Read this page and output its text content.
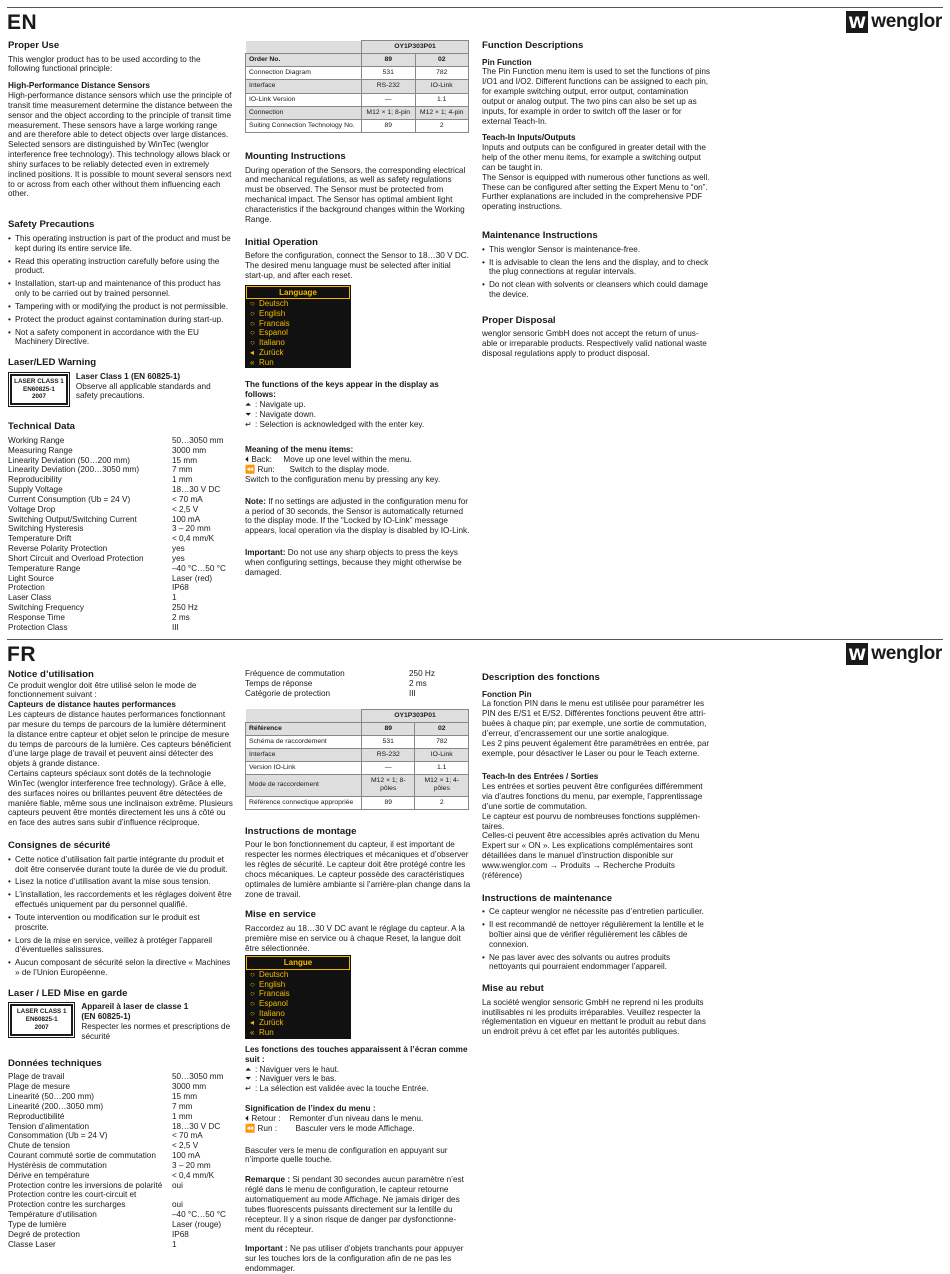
EN	W wenglor
Proper Use

This wenglor product has to be used according to the following functional principle:

High-Performance Distance Sensors

High-performance distance sensors which use the principle of transit time measurement determine the distance between the sensor and the object according to the principle of transit time measurement. These sensors have a large working range and are therefore able to detect objects over large distances. Selected sensors are distinguished by WinTec (wenglor interference free technology). This technology allows black or shiny surfaces to be reliably detected even in extremely inclined positions. It is possible to mount several sensors next to or across from each other without them influencing each other.

Safety Precautions
• This operating instruction is part of the product and must be kept during its entire service life.
• Read this operating instruction carefully before using the product.
• Installation, start-up and maintenance of this product has only to be carried out by trained personnel.
• Tampering with or modifying the product is not permissible.
• Protect the product against contamination during start-up.
• Not a safety component in accordance with the EU Machinery Directive.
Laser/LED Warning
LASER CLASS 1
EN60825-1
2007
Laser Class 1 (EN 60825-1)
Observe all applicable standards and safety precautions.
Technical Data
Working Range	50…3050 mm
Measuring Range	3000 mm
Linearity Deviation (50…200 mm)	15 mm
Linearity Deviation (200…3050 mm)	7 mm
Reproducibility	1 mm
Supply Voltage	18…30 V DC
Current Consumption (Ub = 24 V)	< 70 mA
Voltage Drop	< 2,5 V
Switching Output/Switching Current	100 mA
Switching Hysteresis	3 – 20 mm
Temperature Drift	< 0,4 mm/K
Reverse Polarity Protection	yes
Short Circuit and Overload Protection	yes
Temperature Range	–40 °C…50 °C
Light Source	Laser (red)
Protection	IP68
Laser Class	1
Switching Frequency	250 Hz
Response Time	2 ms
Protection Class	III
	OY1P303P01	
Order No.	89	02
Connection Diagram	531	782
Interface	RS-232	IO-Link
IO-Link Version	—	1.1
Connection	M12 × 1; 8-pin	M12 × 1; 4-pin
Suiting Connection Technology No.	89	2
Mounting Instructions

During operation of the Sensors, the corresponding electrical and mechanical regulations, as well as safety regulations must be observed. The Sensor must be protected from mechanical impact. The Sensor has optimal ambient light characteristics if the background changes within the Working Range.

Initial Operation

Before the configuration, connect the Sensor to 18…30 V DC. The desired menu language must be selected after initial start-up, and after each reset.

Language
○ Deutsch
○ English
○ Francais
○ Espanol
○ Italiano
◂ Zurück
« Run
The functions of the keys appear in the display as follows:

⏶ : Navigate up.

⏷ : Navigate down.

↵ : Selection is acknowledged with the enter key.

Meaning of the menu items:

⏴ Back: Move up one level within the menu.

⏪ Run: Switch to the display mode.

Switch to the configuration menu by pressing any key.

Note: If no settings are adjusted in the configuration menu for a period of 30 seconds, the Sensor is automatically returned to the display mode. If the “Locked by IO-Link” message appears, local operation via the display is disabled by IO-Link.

Important: Do not use any sharp objects to press the keys when configuring settings, because they might otherwise be damaged.

Function Descriptions
Pin Function

The Pin Function menu item is used to set the functions of pins I/O1 and I/O2. Different functions can be assigned to each pin, for example switching output, error output, contamination output or analog output. The two pins can also be set up as inputs, for example in order to switch off the laser or for external Teach-In.

Teach-In Inputs/Outputs

Inputs and outputs can be configured in greater detail with the help of the other menu items, for example a switching output can be taught in.

The Sensor is equipped with numerous other functions as well. These can be configured after setting the Expert Menu to “on”. Further explanations are included in the comprehensive PDF operating instructions.

Maintenance Instructions
• This wenglor Sensor is maintenance-free.
• It is advisable to clean the lens and the display, and to check the plug connections at regular intervals.
• Do not clean with solvents or cleansers which could damage the device.
Proper Disposal

wenglor sensoric GmbH does not accept the return of unusable or irreparable products. Respectively valid national waste disposal regulations apply to product disposal.

FR	W wenglor
Notice d’utilisation

Ce produit wenglor doit être utilisé selon le mode de fonctionnement suivant :

Capteurs de distance hautes performances

Les capteurs de distance hautes performances fonctionnant par mesure du temps de parcours de la lumière déterminent la distance entre capteur et objet selon le principe de mesure du temps de parcours de la lumière. Ces capteurs bénéficient d’une large plage de travail et peuvent ainsi détecter des objets à grande distance.

Certains capteurs spéciaux sont dotés de la technologie WinTec (wenglor interference free technology). Grâce à elle, des surfaces noires ou brillantes peuvent être détectées de manière fiable, même sous une inclinaison extrême. Plusieurs capteurs peuvent être montés directement les uns à côté ou en face des autres sans subir d’influence réciproque.

Consignes de sécurité
• Cette notice d’utilisation fait partie intégrante du produit et doit être conservée durant toute la durée de vie du produit.
• Lisez la notice d’utilisation avant la mise sous tension.
• L’installation, les raccordements et les réglages doivent être effectués uniquement par du personnel qualifié.
• Toute intervention ou modification sur le produit est proscrite.
• Lors de la mise en service, veillez à protéger l’appareil d’éventuelles salissures.
• Aucun composant de sécurité selon la directive « Machines » de l’Union Européenne.
Laser / LED Mise en garde
LASER CLASS 1
EN60825-1
2007
Appareil à laser de classe 1
(EN 60825-1)
Respecter les normes et prescriptions de sécurité
Données techniques
Plage de travail	50…3050 mm
Plage de mesure	3000 mm
Linearité (50…200 mm)	15 mm
Linearité (200…3050 mm)	7 mm
Reproductibilité	1 mm
Tension d’alimentation	18…30 V DC
Consommation (Ub = 24 V)	< 70 mA
Chute de tension	< 2,5 V
Courant commuté sortie de commutation	100 mA
Hystérésis de commutation	3 – 20 mm
Dérive en température	< 0,4 mm/K
Protection contre les inversions de polarité	oui
Protection contre les court-circuit et	
Protection contre les surcharges	oui
Température d’utilisation	–40 °C…50 °C
Type de lumière	Laser (rouge)
Degré de protection	IP68
Classe Laser	1
Fréquence de commutation	250 Hz
Temps de réponse	2 ms
Catégorie de protection	III
	OY1P303P01	
Référence	89	02
Schéma de raccordement	531	782
Interface	RS-232	IO-Link
Version IO-Link	—	1.1
Mode de raccordement	M12 × 1; 8-pôles	M12 × 1; 4-pôles
Référence connectique appropriée	89	2
Instructions de montage

Pour le bon fonctionnement du capteur, il est important de respecter les normes électriques et mécaniques et d’observer les règles de sécurité. Le capteur doit être protégé contre les chocs mécaniques. Le capteur possède des caractéristiques optimales de lumière ambiante si l’arrière-plan change dans la zone de travail.

Mise en service

Raccordez au 18…30 V DC avant le réglage du capteur. A la première mise en service ou à chaque Reset, la langue doit être sélectionnée.

Langue
○ Deutsch
○ English
○ Francais
○ Espanol
○ Italiano
◂ Zurück
« Run
Les fonctions des touches apparaissent à l’écran comme suit :

⏶ : Naviguer vers le haut.

⏷ : Naviguer vers le bas.

↵ : La sélection est validée avec la touche Entrée.

Signification de l’index du menu :

⏴ Retour : Remonter d’un niveau dans le menu.

⏪ Run : Basculer vers le mode Affichage.

Basculer vers le menu de configuration en appuyant sur n’importe quelle touche.

Remarque : Si pendant 30 secondes aucun paramètre n’est réglé dans le menu de configuration, le capteur retourne automatiquement au mode Affichage. Ne jamais diriger des tubes fluorescents puissants directement sur la lentille du récepteur. Il y a sinon risque de danger par dysfonctionnement du récepteur.

Important : Ne pas utiliser d’objets tranchants pour appuyer sur les touches lors de la configuration afin de ne pas les endommager.

Description des fonctions
Fonction Pin

La fonction PIN dans le menu est utilisée pour paramétrer les PIN des E/S1 et E/S2. Différentes fonctions peuvent être attribuées à chaque pin; par exemple, une sortie de commutation, d’erreur, d’encrassement our une sortie analogique.

Les 2 pins peuvent également être paramétrées en entrée, par exemple, pour désactiver le Laser ou pour le Teach externe.

Teach-In des Entrées / Sorties

Les entrées et sorties peuvent être configurées différemment via d’autres fonctions du menu, par exemple, l’apprentissage d’une sortie de commutation.

Le capteur est pourvu de nombreuses fonctions supplémentaires.

Celles-ci peuvent être accessibles après activation du Menu Expert sur « ON ». Les explications complémentaires sont détaillées dans le manuel d’instruction disponible sur www.wenglor.com → Produits → Recherche Produits (référence)

Instructions de maintenance
• Ce capteur wenglor ne nécessite pas d’entretien particulier.
• Il est recommandé de nettoyer régulièrement la lentille et le boîtier ainsi que de vérifier régulièrement les câbles de connexion.
• Ne pas laver avec des solvants ou autres produits nettoyants qui pourraient endommager l’appareil.
Mise au rebut

La société wenglor sensoric GmbH ne reprend ni les produits inutilisables ni les produits irréparables. Veuillez respecter la réglementation en vigueur en mettant le produit au rebut dans un endroit prévu à cet effet par les autorités publiques.
